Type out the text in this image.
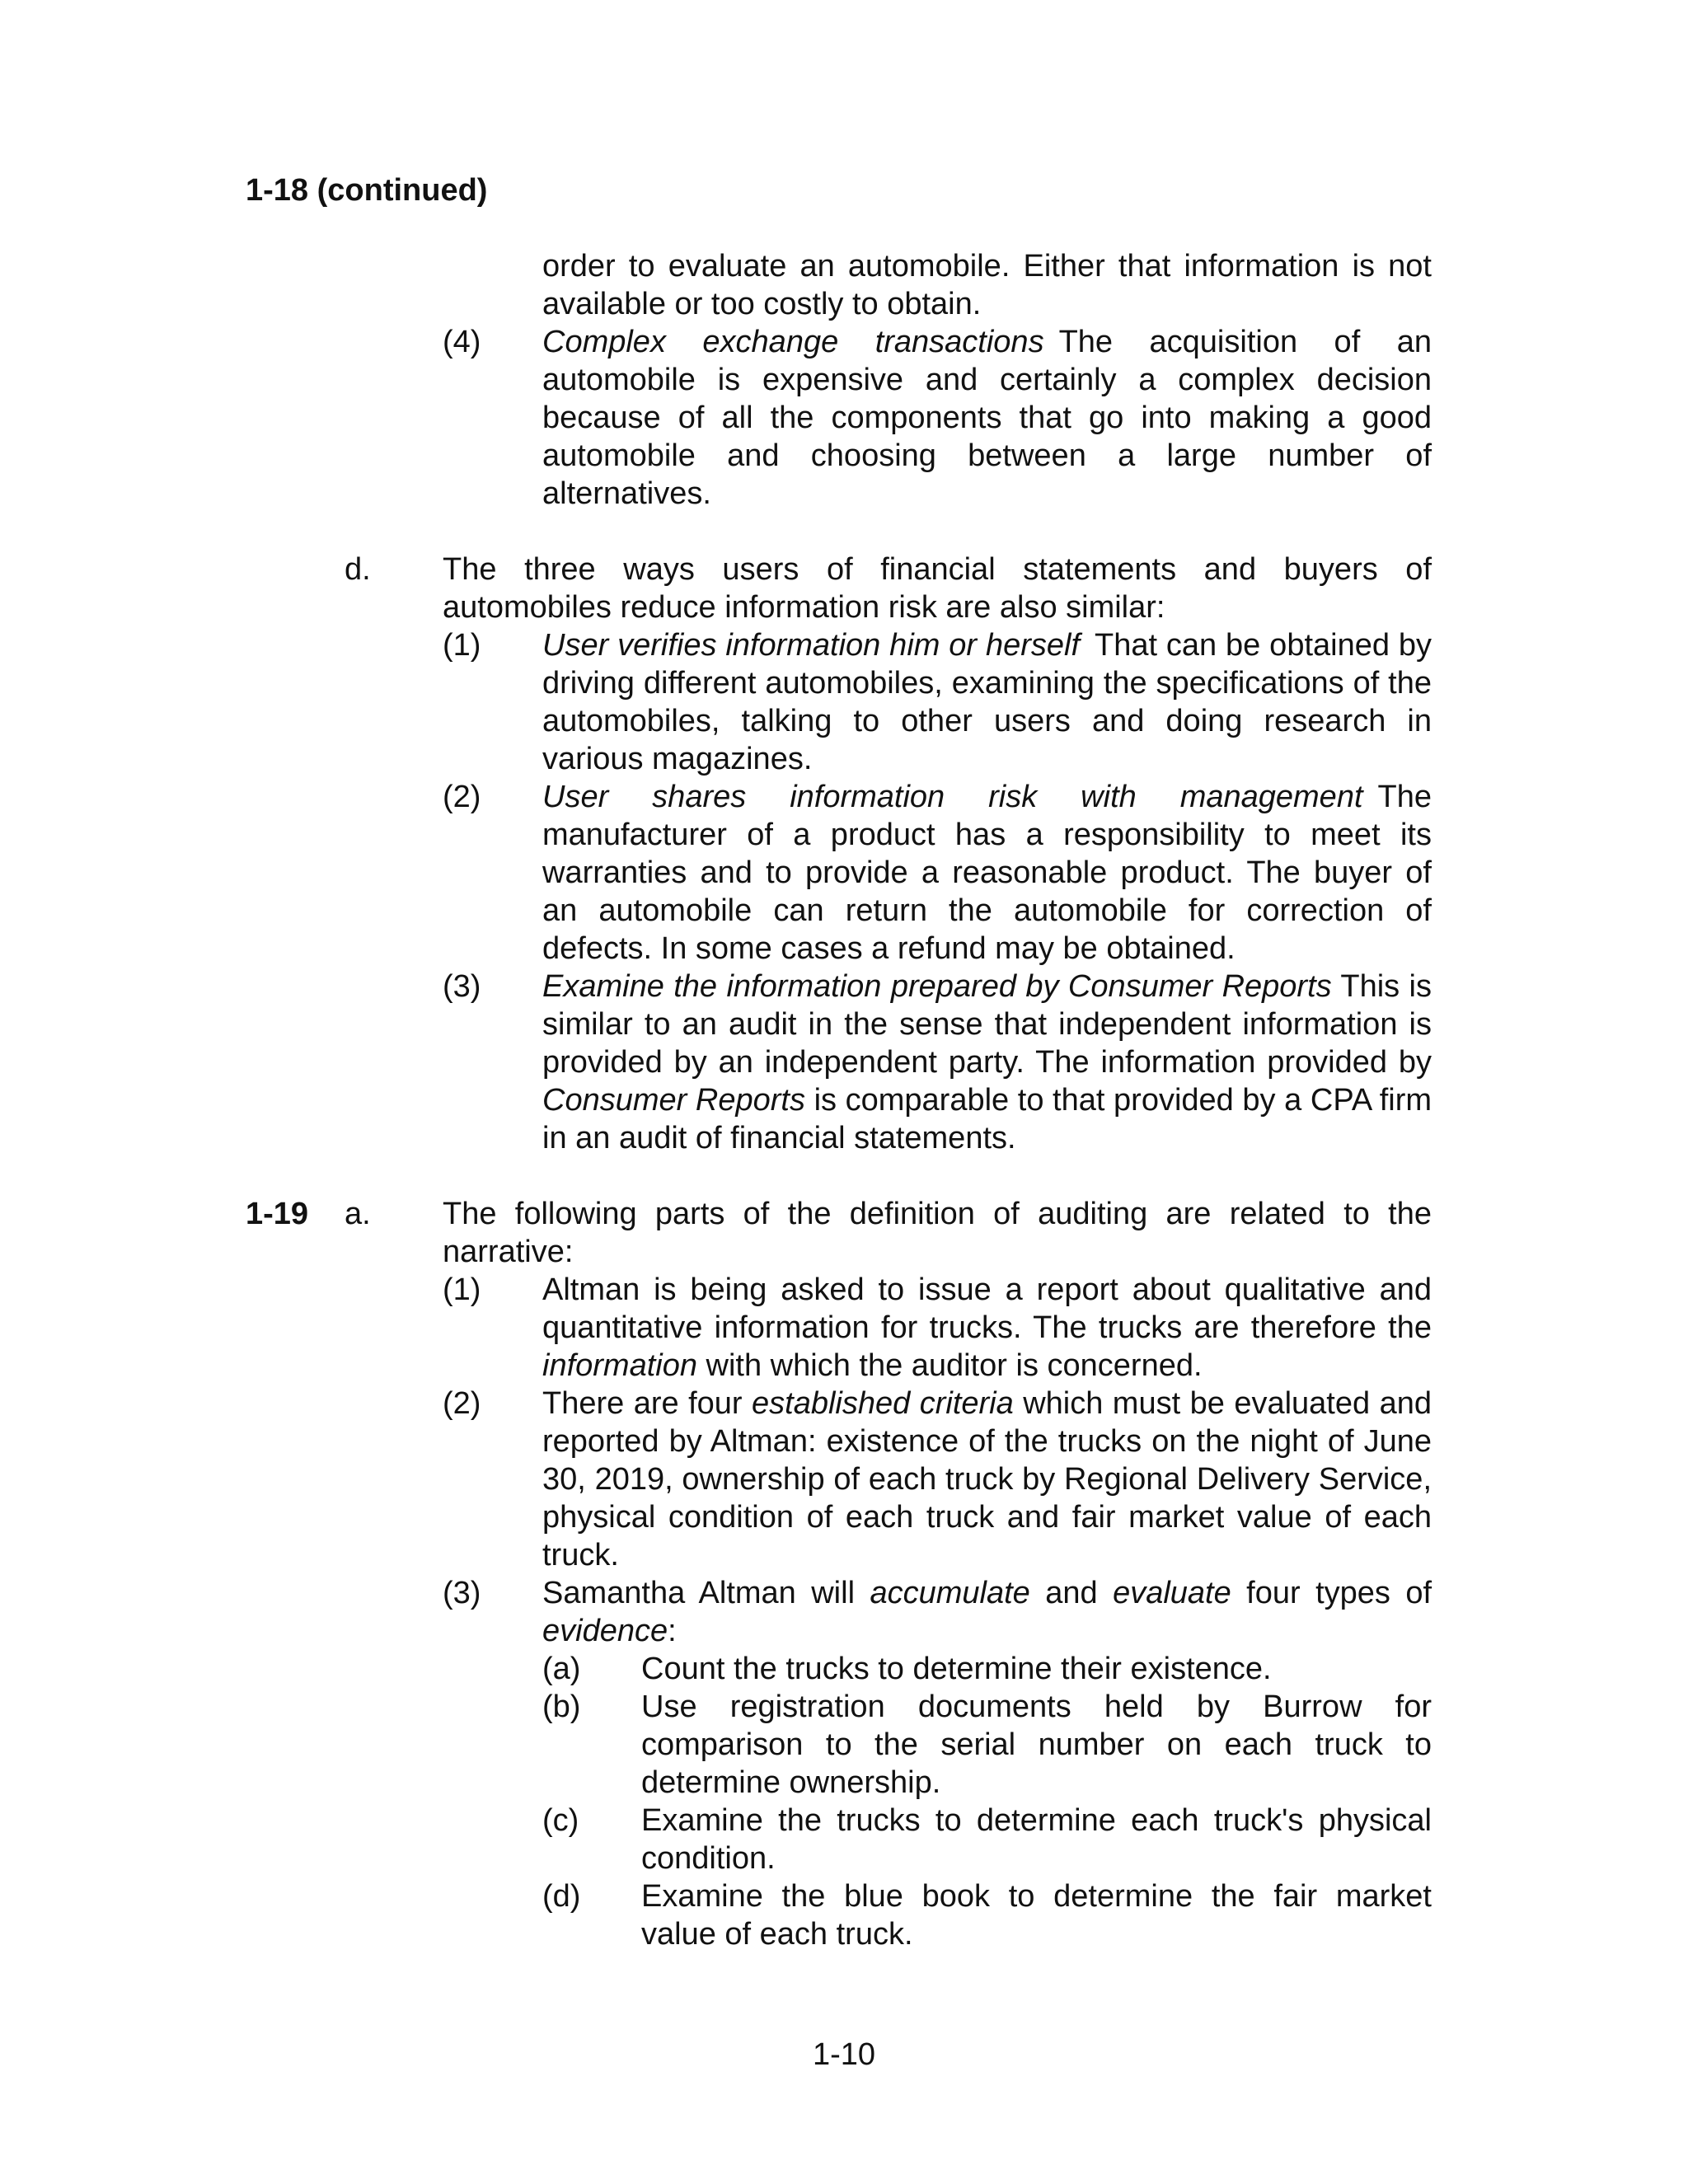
1-18 (continued)

order to evaluate an automobile. Either that information is not available or too costly to obtain.

(4) Complex exchange transactions The acquisition of an automobile is expensive and certainly a complex decision because of all the components that go into making a good automobile and choosing between a large number of alternatives.

d. The three ways users of financial statements and buyers of automobiles reduce information risk are also similar:

(1) User verifies information him or herself That can be obtained by driving different automobiles, examining the specifications of the automobiles, talking to other users and doing research in various magazines.

(2) User shares information risk with management The manufacturer of a product has a responsibility to meet its warranties and to provide a reasonable product. The buyer of an automobile can return the automobile for correction of defects. In some cases a refund may be obtained.

(3) Examine the information prepared by Consumer Reports This is similar to an audit in the sense that independent information is provided by an independent party. The information provided by Consumer Reports is comparable to that provided by a CPA firm in an audit of financial statements.

1-19 a. The following parts of the definition of auditing are related to the narrative:

(1) Altman is being asked to issue a report about qualitative and quantitative information for trucks. The trucks are therefore the information with which the auditor is concerned.

(2) There are four established criteria which must be evaluated and reported by Altman: existence of the trucks on the night of June 30, 2019, ownership of each truck by Regional Delivery Service, physical condition of each truck and fair market value of each truck.

(3) Samantha Altman will accumulate and evaluate four types of evidence:

(a) Count the trucks to determine their existence.

(b) Use registration documents held by Burrow for comparison to the serial number on each truck to determine ownership.

(c) Examine the trucks to determine each truck's physical condition.

(d) Examine the blue book to determine the fair market value of each truck.

1-10
